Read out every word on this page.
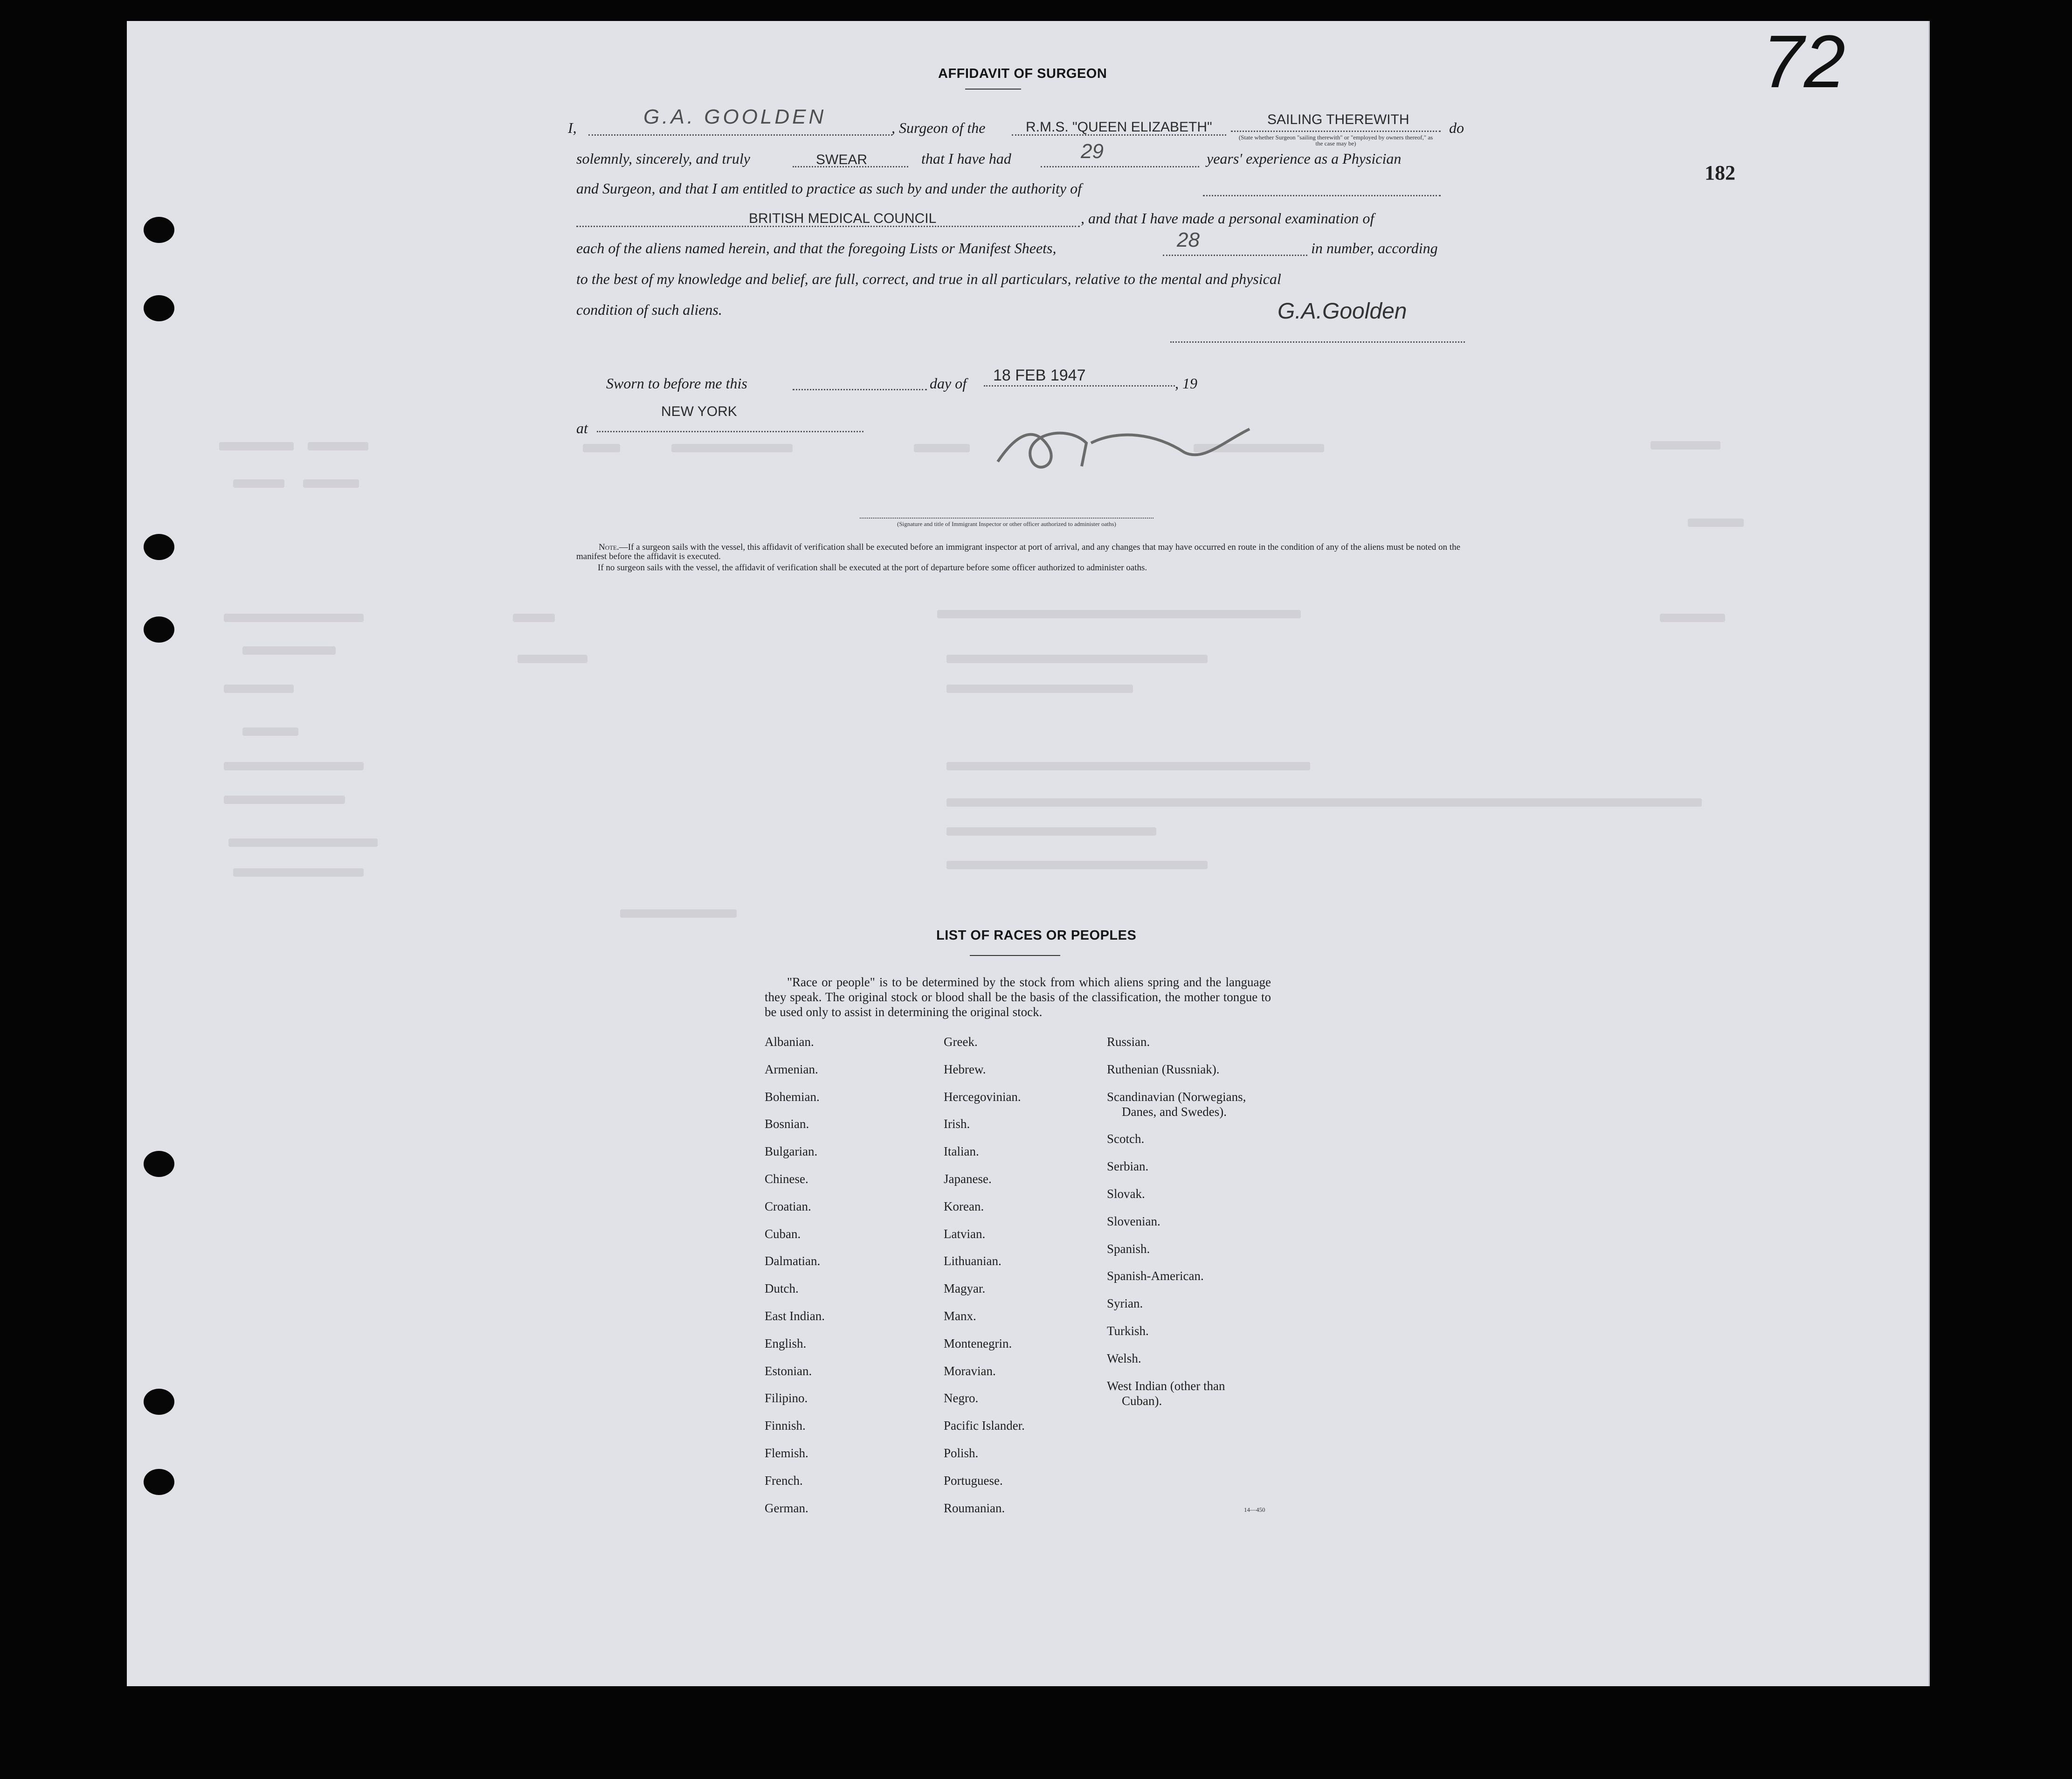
72
182
AFFIDAVIT OF SURGEON
I,	G.A. GOOLDEN	, Surgeon of the	R.M.S. "QUEEN ELIZABETH"	SAILING THEREWITH
(State whether Surgeon "sailing therewith" or "employed by owners thereof," as the case may be)
do
solemnly, sincerely, and truly	SWEAR	that I have had	29	years' experience as a Physician
and Surgeon, and that I am entitled to practice as such by and under the authority of
BRITISH MEDICAL COUNCIL	, and that I have made a personal examination of
each of the aliens named herein, and that the foregoing Lists or Manifest Sheets,	28	in number, according
to the best of my knowledge and belief, are full, correct, and true in all particulars, relative to the mental and physical
condition of such aliens.	G.A.Goolden
Sworn to before me this	day of 18 FEB 1947	, 19
at
NEW YORK
(Signature and title of Immigrant Inspector or other officer authorized to administer oaths)
Note.—If a surgeon sails with the vessel, this affidavit of verification shall be executed before an immigrant inspector at port of arrival, and any changes that may have occurred en route in the condition of any of the aliens must be noted on the manifest before the affidavit is executed.
If no surgeon sails with the vessel, the affidavit of verification shall be executed at the port of departure before some officer authorized to administer oaths.
LIST OF RACES OR PEOPLES
"Race or people" is to be determined by the stock from which aliens spring and the language they speak. The original stock or blood shall be the basis of the classification, the mother tongue to be used only to assist in determining the original stock.
Albanian.
Armenian.
Bohemian.
Bosnian.
Bulgarian.
Chinese.
Croatian.
Cuban.
Dalmatian.
Dutch.
East Indian.
English.
Estonian.
Filipino.
Finnish.
Flemish.
French.
German.
Greek.
Hebrew.
Hercegovinian.
Irish.
Italian.
Japanese.
Korean.
Latvian.
Lithuanian.
Magyar.
Manx.
Montenegrin.
Moravian.
Negro.
Pacific Islander.
Polish.
Portuguese.
Roumanian.
Russian.
Ruthenian (Russniak).
Scandinavian (Norwegians,
Danes, and Swedes).
Scotch.
Serbian.
Slovak.
Slovenian.
Spanish.
Spanish-American.
Syrian.
Turkish.
Welsh.
West Indian (other than
Cuban).
14—450
